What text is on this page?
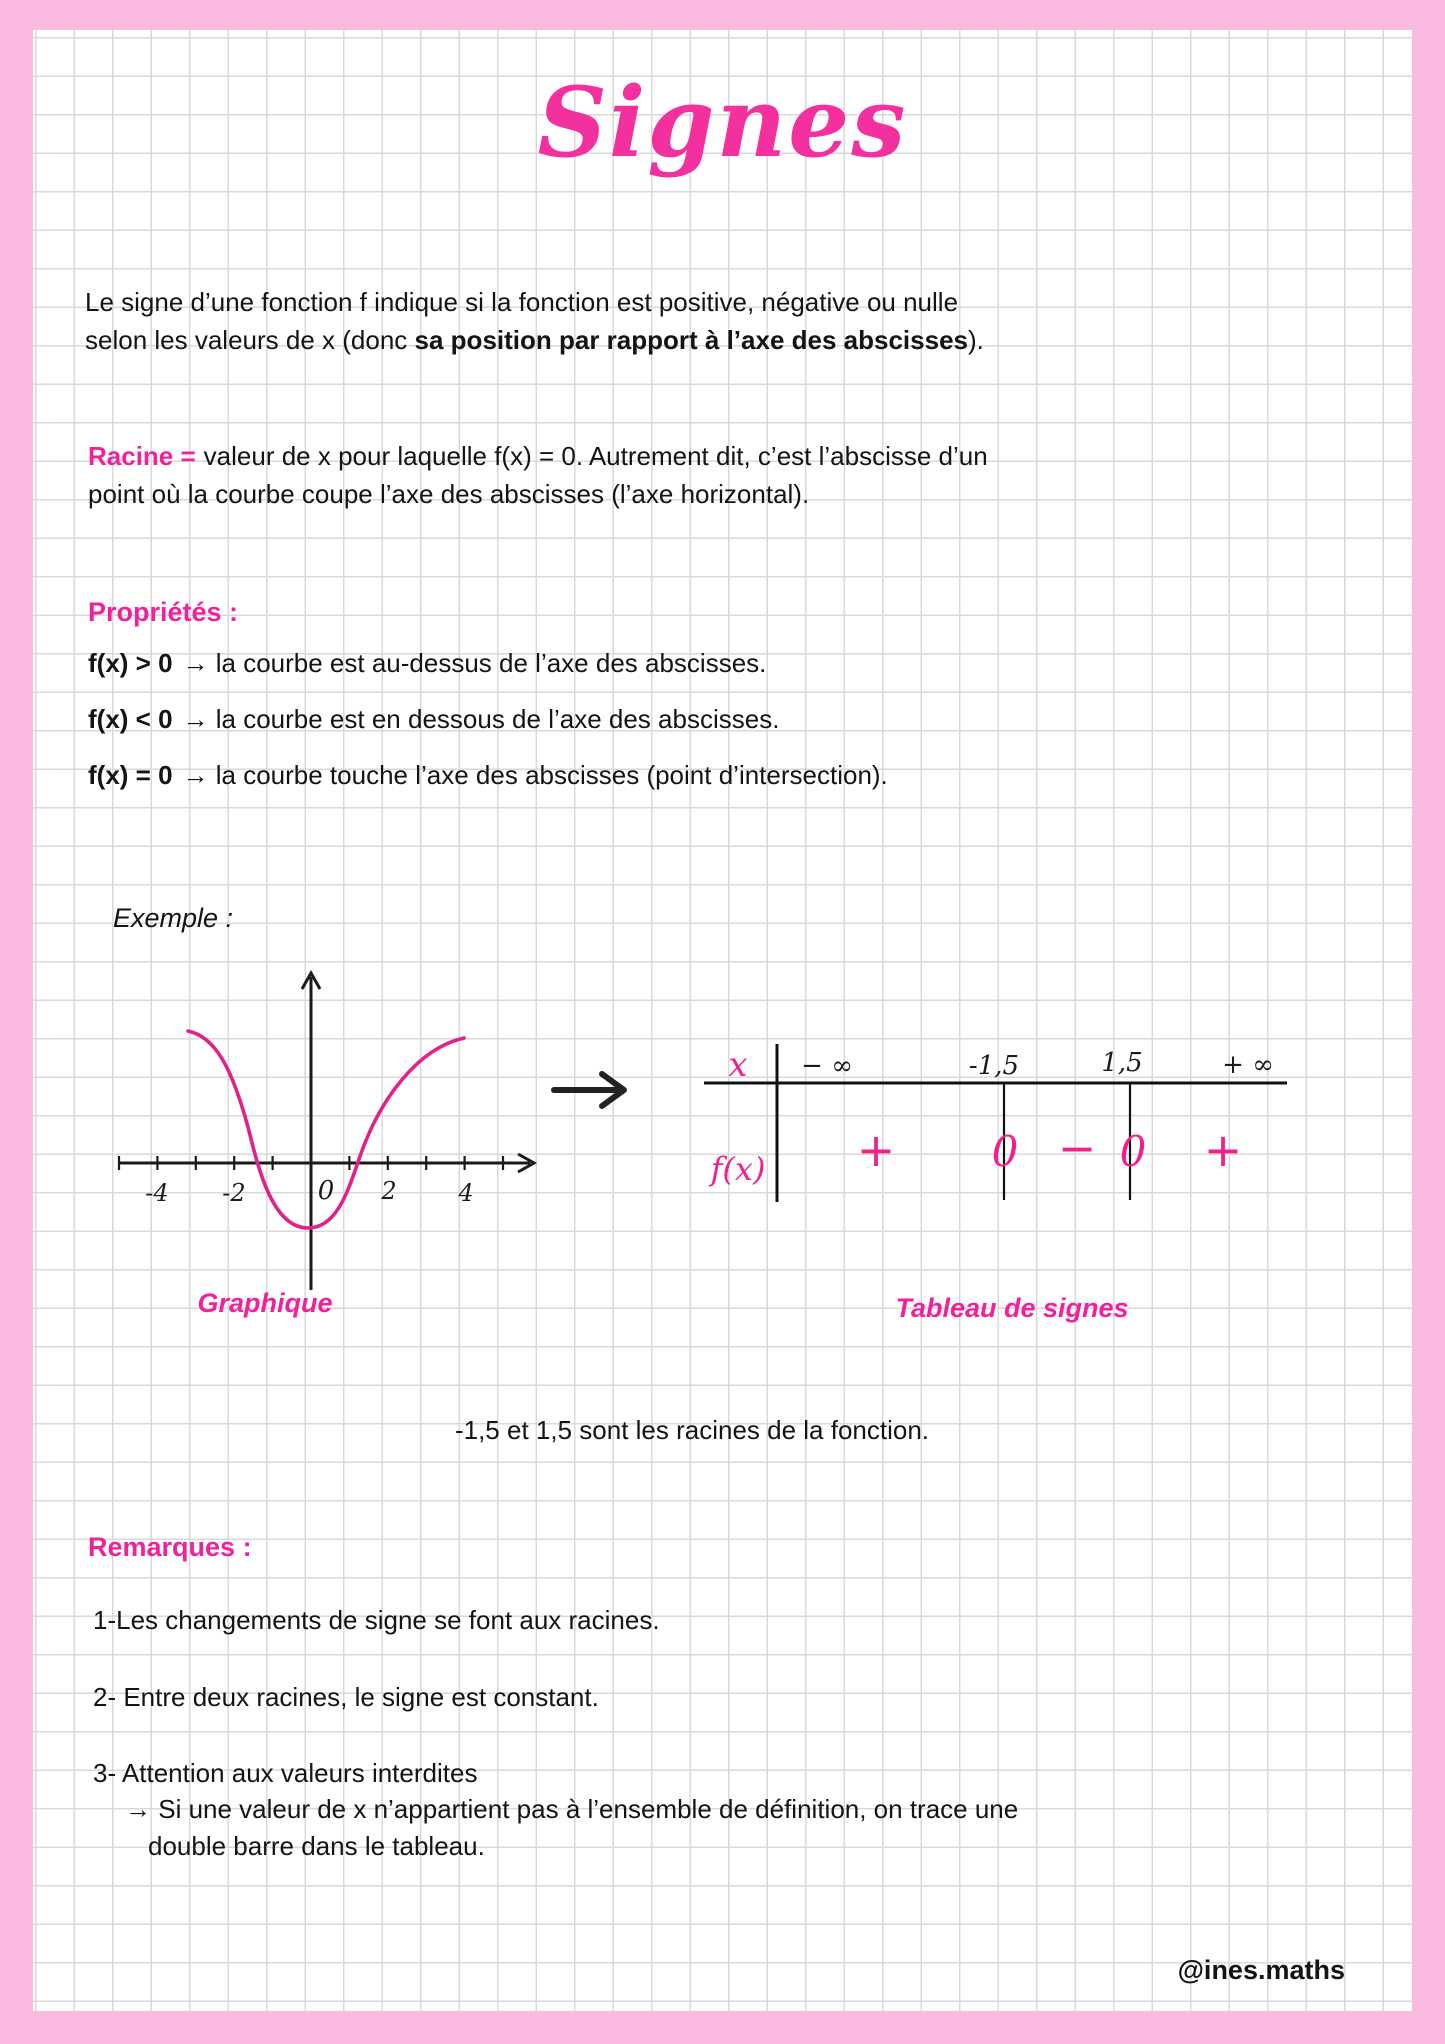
Signes
Le signe d’une fonction f indique si la fonction est positive, négative ou nulle
selon les valeurs de x (donc sa position par rapport à l’axe des abscisses).
Racine = valeur de x pour laquelle f(x) = 0. Autrement dit, c’est l’abscisse d’un
point où la courbe coupe l’axe des abscisses (l’axe horizontal).
Propriétés :
f(x) > 0 → la courbe est au-dessus de l’axe des abscisses.
f(x) < 0 → la courbe est en dessous de l’axe des abscisses.
f(x) = 0 → la courbe touche l’axe des abscisses (point d’intersection).
Exemple :
-4 -2	0 2	4
Graphique
x − ∞	-1,5	1,5	+ ∞
f(x) + 0 − 0 +
Tableau de signes
-1,5 et 1,5 sont les racines de la fonction.
Remarques :
1-Les changements de signe se font aux racines.
2- Entre deux racines, le signe est constant.
3- Attention aux valeurs interdites
→ Si une valeur de x n’appartient pas à l’ensemble de définition, on trace une
double barre dans le tableau.
@ines.maths
